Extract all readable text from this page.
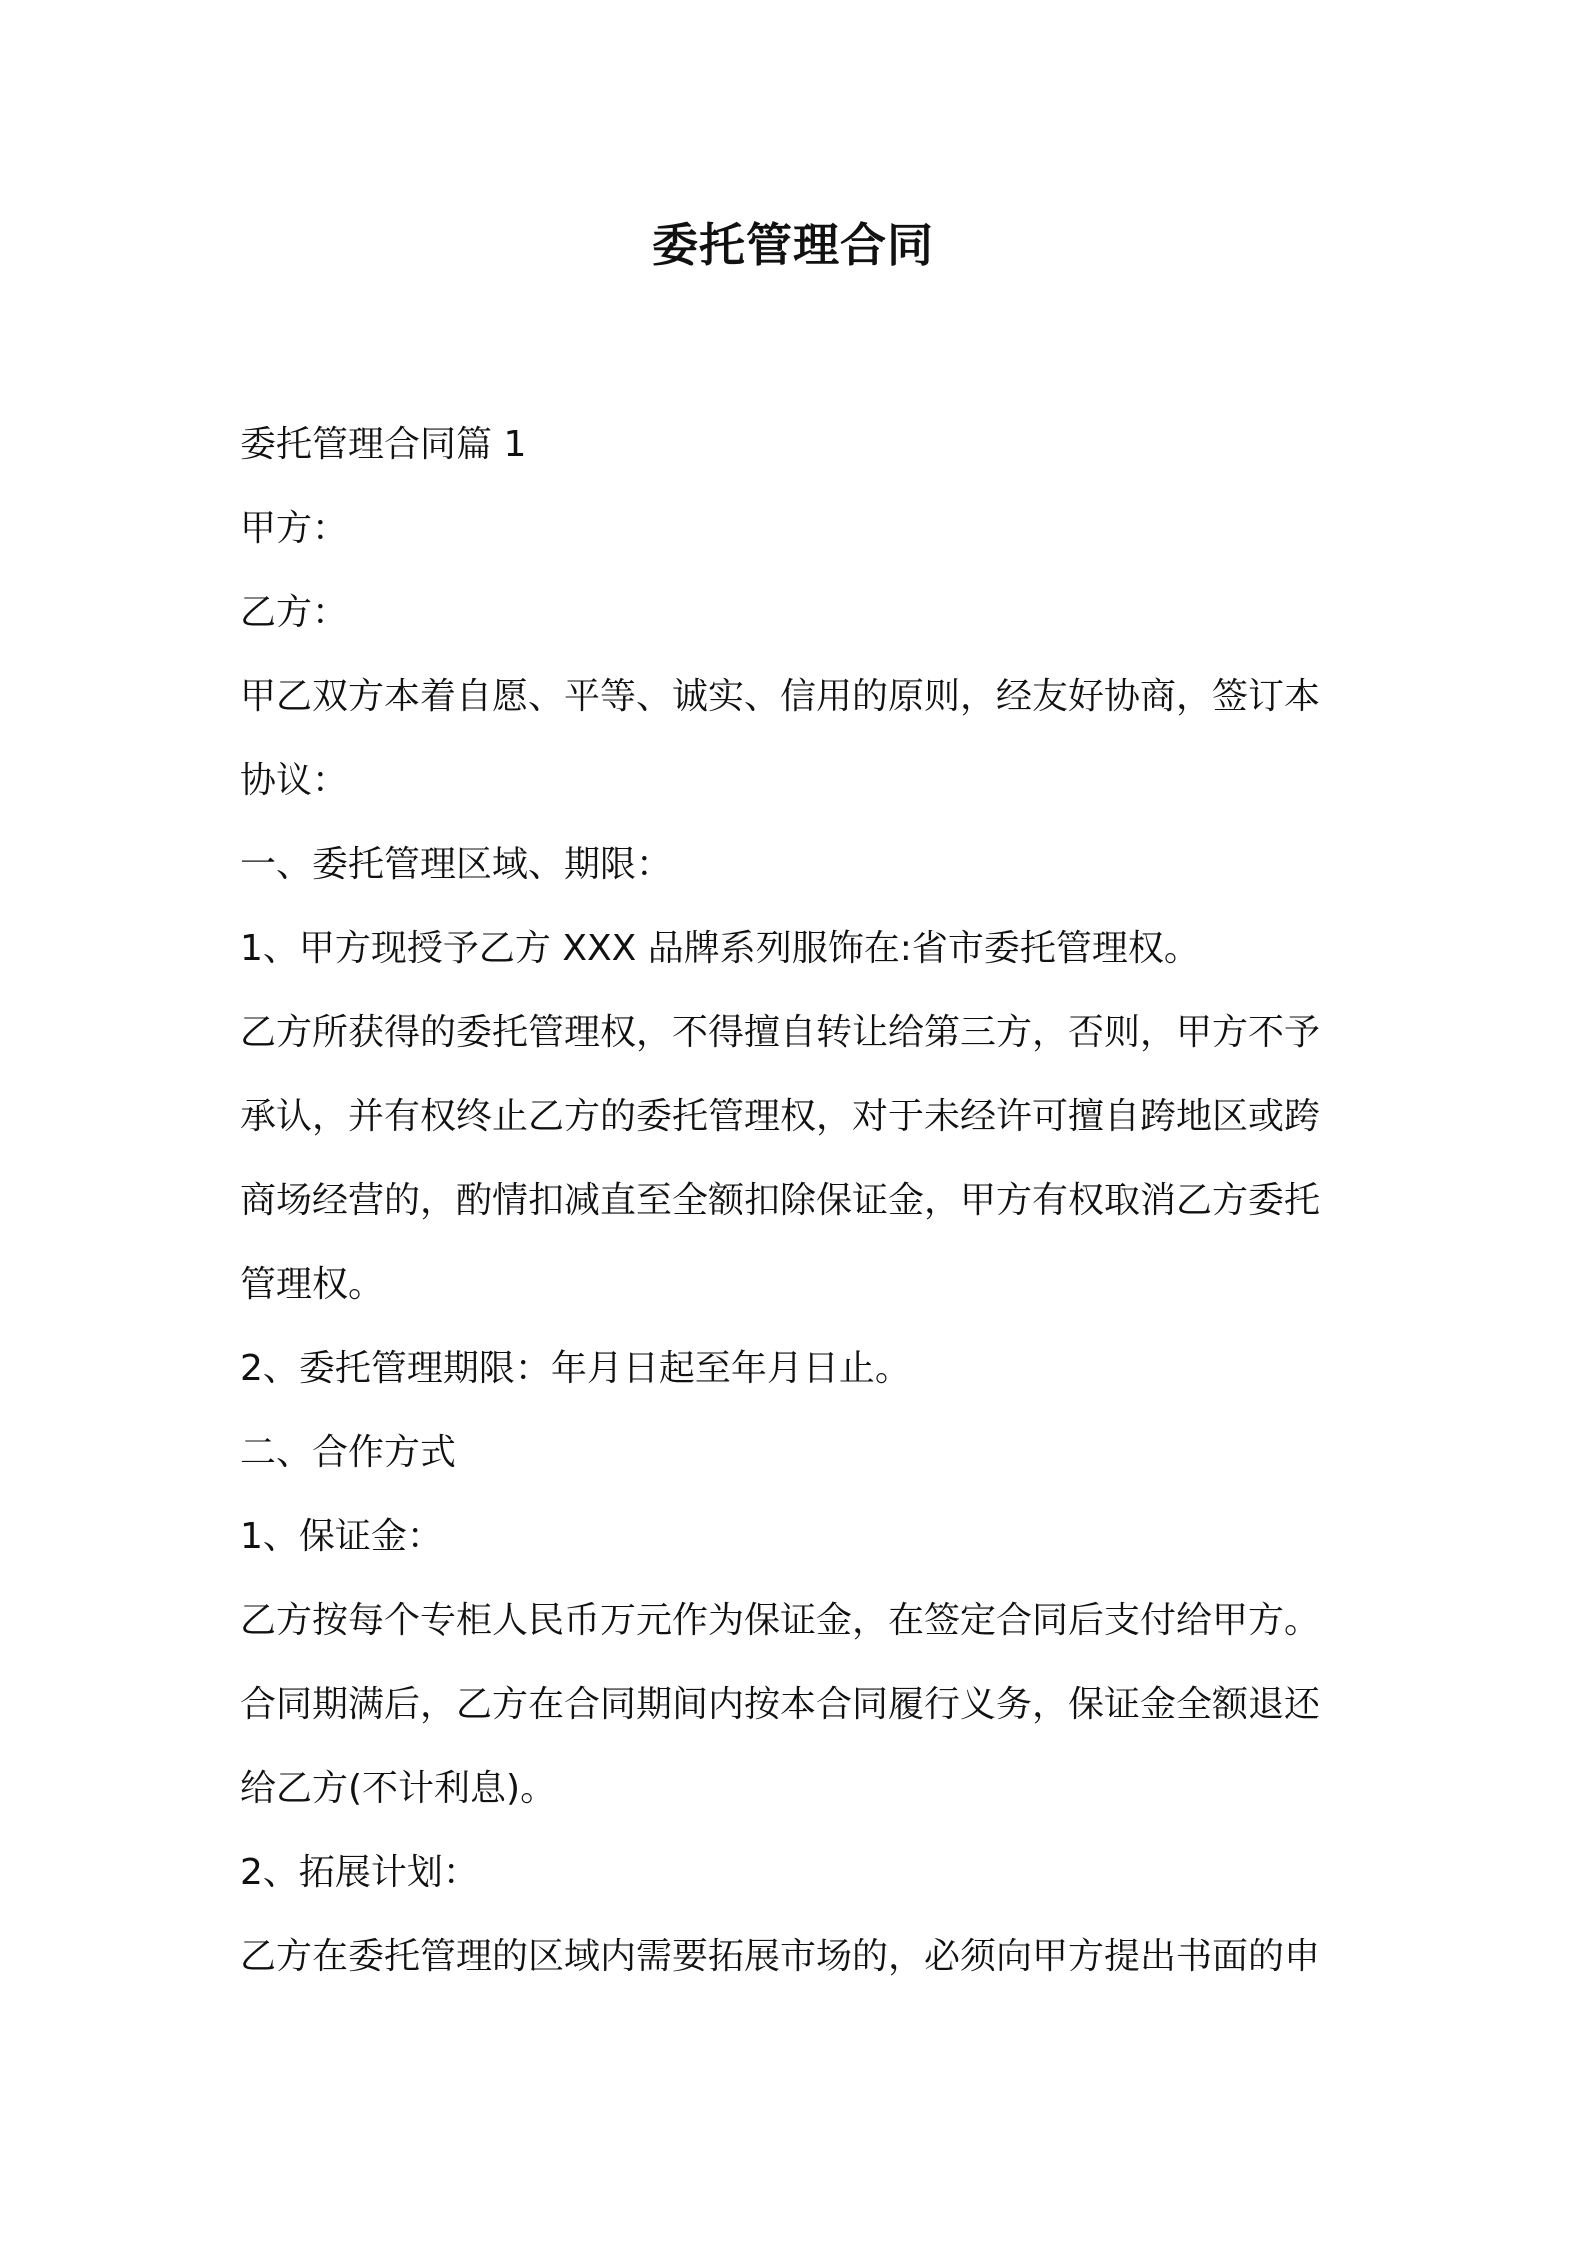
委托管理合同
委托管理合同篇 1
甲方：
乙方：
甲乙双方本着自愿、平等、诚实、信用的原则，经友好协商，签订本
协议：
一、委托管理区域、期限：
1、甲方现授予乙方 XXX 品牌系列服饰在:省市委托管理权。
乙方所获得的委托管理权，不得擅自转让给第三方，否则，甲方不予
承认，并有权终止乙方的委托管理权，对于未经许可擅自跨地区或跨
商场经营的，酌情扣减直至全额扣除保证金，甲方有权取消乙方委托
管理权。
2、委托管理期限：年月日起至年月日止。
二、合作方式
1、保证金：
乙方按每个专柜人民币万元作为保证金，在签定合同后支付给甲方。
合同期满后，乙方在合同期间内按本合同履行义务，保证金全额退还
给乙方(不计利息)。
2、拓展计划：
乙方在委托管理的区域内需要拓展市场的，必须向甲方提出书面的申
